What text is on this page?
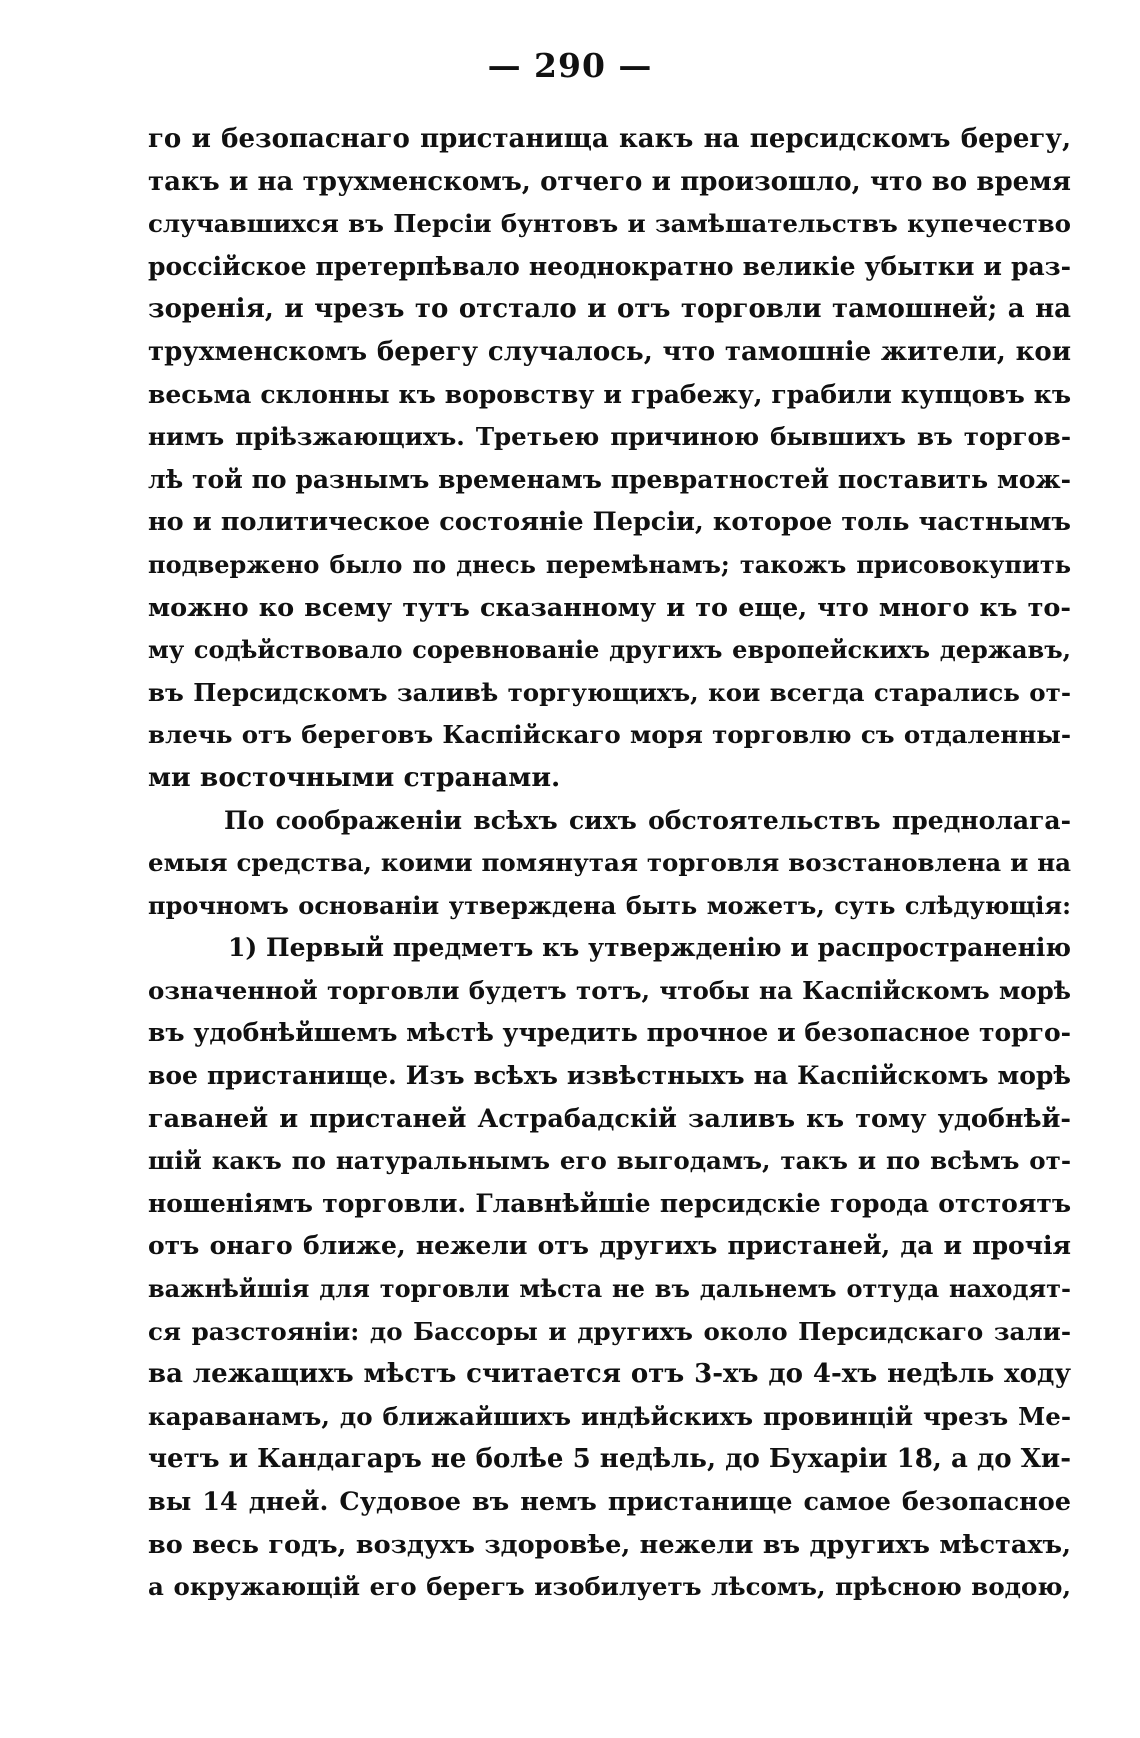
— 290 —
го и безопаснаго пристанища какъ на персидскомъ берегу,
такъ и на трухменскомъ, отчего и произошло, что во время
случавшихся въ Персіи бунтовъ и замѣшательствъ купечество
россійское претерпѣвало неоднократно великіе убытки и раз-
зоренія, и чрезъ то отстало и отъ торговли тамошней; а на
трухменскомъ берегу случалось, что тамошніе жители, кои
весьма склонны къ воровству и грабежу, грабили купцовъ къ
нимъ пріѣзжающихъ. Третьею причиною бывшихъ въ торгов-
лѣ той по разнымъ временамъ превратностей поставить мож-
но и политическое состояніе Персіи, которое толь частнымъ
подвержено было по днесь перемѣнамъ; такожъ присовокупить
можно ко всему тутъ сказанному и то еще, что много къ то-
му содѣйствовало соревнованіе другихъ европейскихъ державъ,
въ Персидскомъ заливѣ торгующихъ, кои всегда старались от-
влечь отъ береговъ Каспійскаго моря торговлю съ отдаленны-
ми восточными странами.
По соображеніи всѣхъ сихъ обстоятельствъ преднолага-
емыя средства, коими помянутая торговля возстановлена и на
прочномъ основаніи утверждена быть можетъ, суть слѣдующія:
1) Первый предметъ къ утвержденію и распространенію
означенной торговли будетъ тотъ, чтобы на Каспійскомъ морѣ
въ удобнѣйшемъ мѣстѣ учредить прочное и безопасное торго-
вое пристанище. Изъ всѣхъ извѣстныхъ на Каспійскомъ морѣ
гаваней и пристаней Астрабадскій заливъ къ тому удобнѣй-
шій какъ по натуральнымъ его выгодамъ, такъ и по всѣмъ от-
ношеніямъ торговли. Главнѣйшіе персидскіе города отстоятъ
отъ онаго ближе, нежели отъ другихъ пристаней, да и прочія
важнѣйшія для торговли мѣста не въ дальнемъ оттуда находят-
ся разстояніи: до Бассоры и другихъ около Персидскаго зали-
ва лежащихъ мѣстъ считается отъ 3-хъ до 4-хъ недѣль ходу
караванамъ, до ближайшихъ индѣйскихъ провинцій чрезъ Ме-
четъ и Кандагаръ не болѣе 5 недѣль, до Бухаріи 18, а до Хи-
вы 14 дней. Судовое въ немъ пристанище самое безопасное
во весь годъ, воздухъ здоровѣе, нежели въ другихъ мѣстахъ,
а окружающій его берегъ изобилуетъ лѣсомъ, прѣсною водою,
